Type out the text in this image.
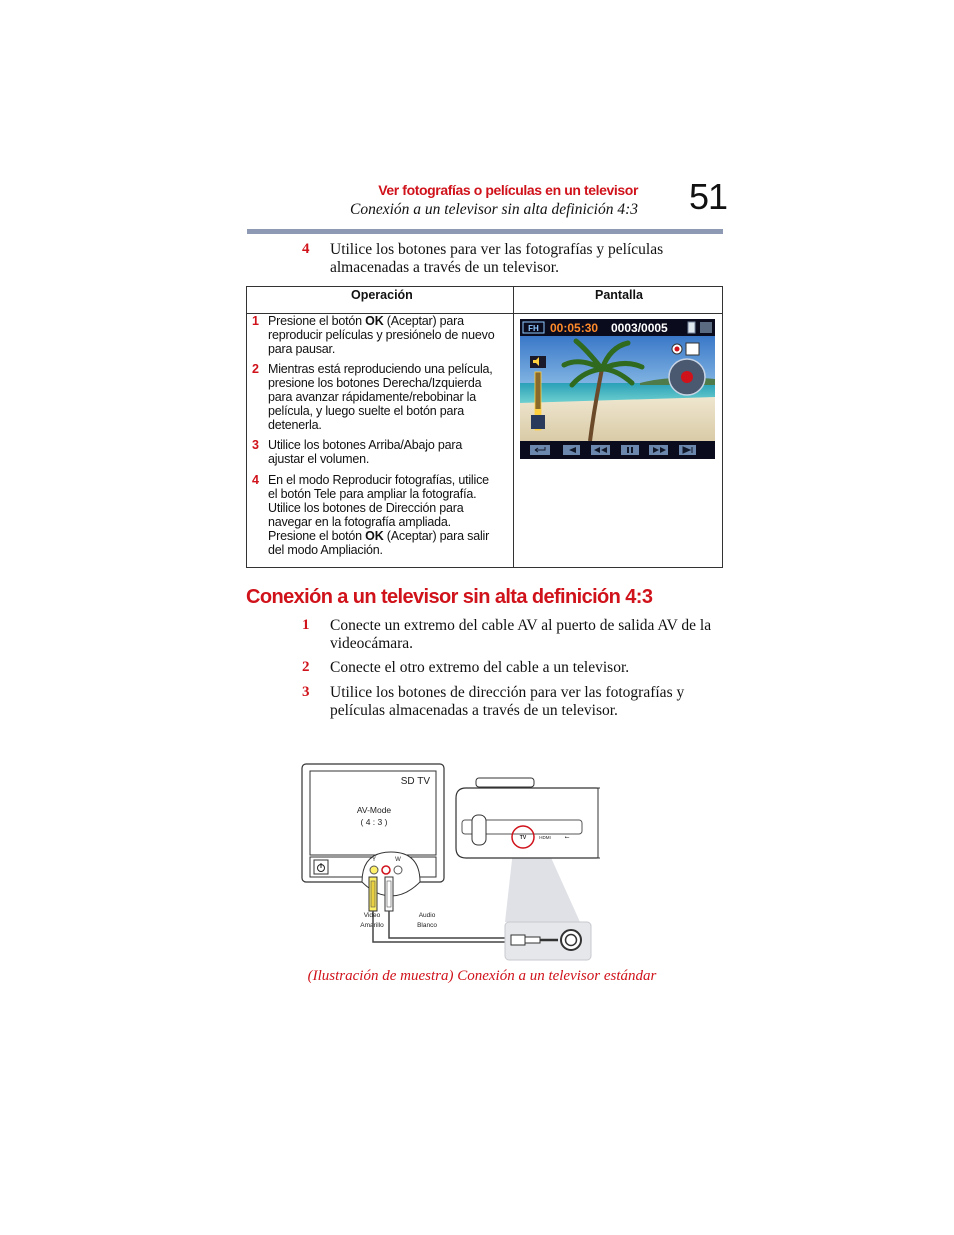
Ver fotografías o películas en un televisor
Conexión a un televisor sin alta definición 4:3 51
4 Utilice los botones para ver las fotografías y películas
almacenadas a través de un televisor.
Operación	Pantalla
1 Presione el botón OK (Aceptar) para
reproducir películas y presiónelo de nuevo
para pausar.
2 Mientras está reproduciendo una película,
presione los botones Derecha/Izquierda
para avanzar rápidamente/rebobinar la
película, y luego suelte el botón para
detenerla.
3 Utilice los botones Arriba/Abajo para
ajustar el volumen.
4 En el modo Reproducir fotografías, utilice
el botón Tele para ampliar la fotografía.
Utilice los botones de Dirección para
navegar en la fotografía ampliada.
Presione el botón OK (Aceptar) para salir
del modo Ampliación.
FH 00:05:30 0003/0005
Conexión a un televisor sin alta definición 4:3
1 Conecte un extremo del cable AV al puerto de salida AV de la
videocámara.
2 Conecte el otro extremo del cable a un televisor.
3 Utilice los botones de dirección para ver las fotografías y
películas almacenadas a través de un televisor.
SD TV
AV-Mode
( 4 : 3 )
Y	W
Video
Amarillo
Audio
Blanco
TV	HDMI ⭠
(Ilustración de muestra) Conexión a un televisor estándar
